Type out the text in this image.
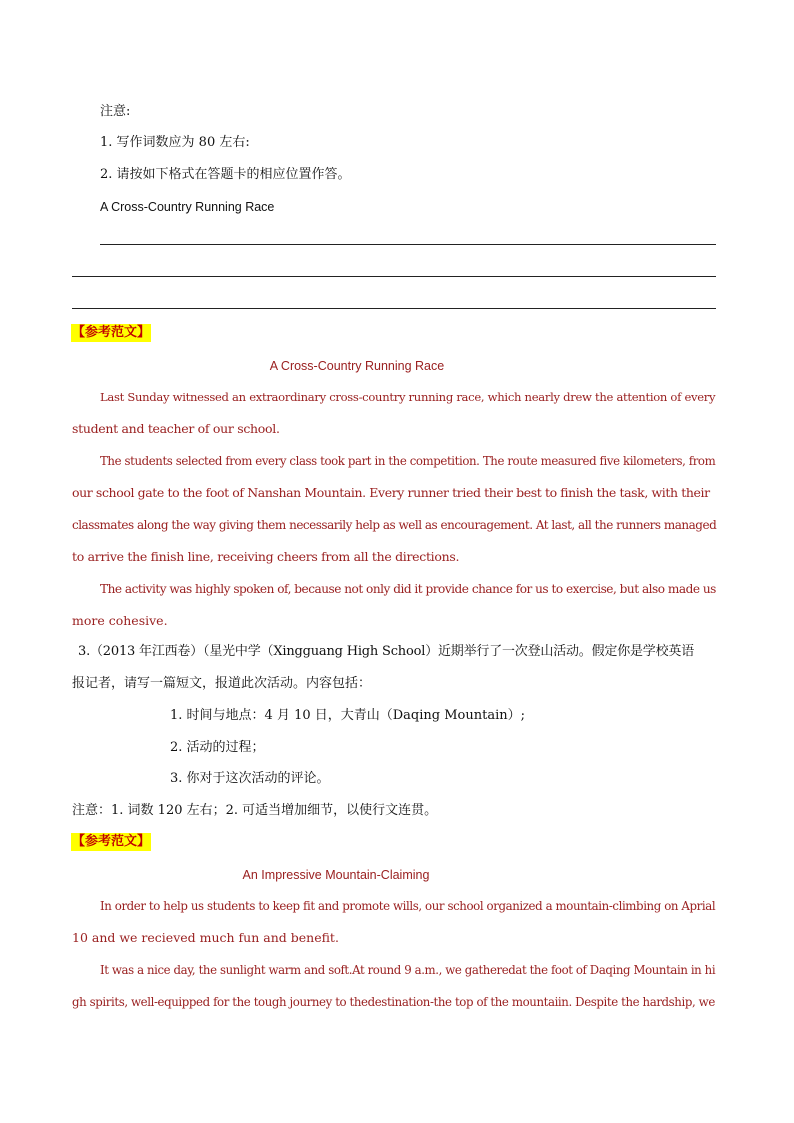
注意:
1. 写作词数应为 80 左右:
2. 请按如下格式在答题卡的相应位置作答。
A Cross-Country Running Race
【参考范文】
A Cross-Country Running Race
Last Sunday witnessed an extraordinary cross-country running race, which nearly drew the attention of every
student and teacher of our school.
The students selected from every class took part in the competition. The route measured five kilometers, from
our school gate to the foot of Nanshan Mountain. Every runner tried their best to finish the task, with their
classmates along the way giving them necessarily help as well as encouragement. At last, all the runners managed
to arrive the finish line, receiving cheers from all the directions.
The activity was highly spoken of, because not only did it provide chance for us to exercise, but also made us
more cohesive.
3.（2013 年江西卷）（星光中学（Xingguang High School）近期举行了一次登山活动。假定你是学校英语
报记者，请写一篇短文，报道此次活动。内容包括：
1. 时间与地点：4 月 10 日，大青山（Daqing Mountain）;
2. 活动的过程；
3. 你对于这次活动的评论。
注意：1. 词数 120 左右；2. 可适当增加细节，以使行文连贯。
【参考范文】
An Impressive Mountain-Claiming
In order to help us students to keep fit and promote wills, our school organized a mountain-climbing on Aprial
10 and we recieved much fun and benefit.
It was a nice day, the sunlight warm and soft.At round 9 a.m., we gatheredat the foot of Daqing Mountain in hi
gh spirits, well-equipped for the tough journey to thedestination-the top of the mountaiin. Despite the hardship, we
